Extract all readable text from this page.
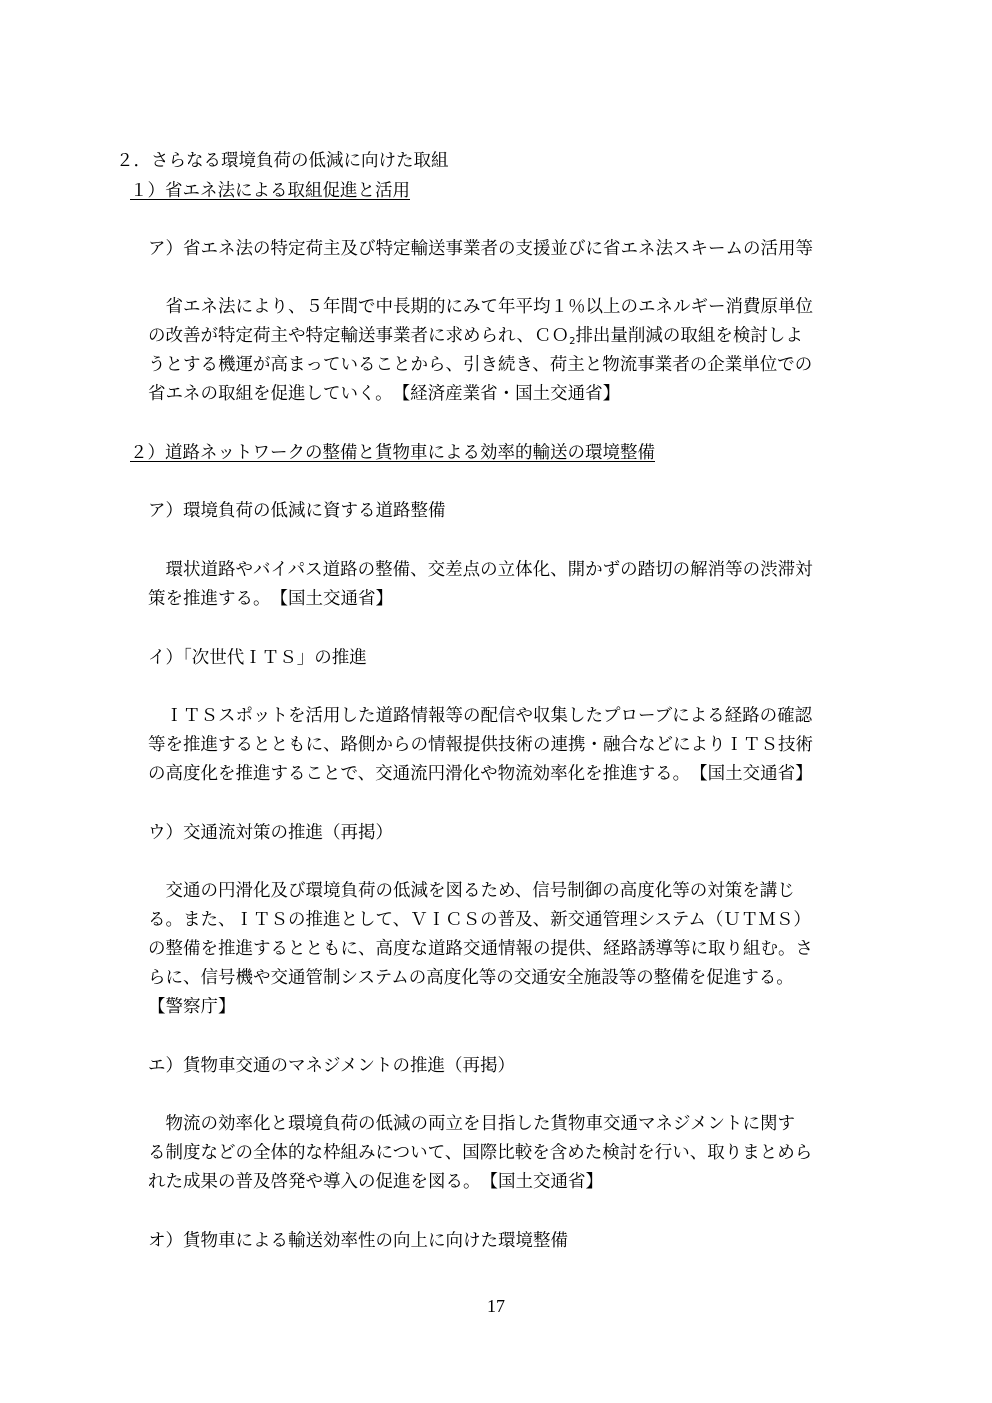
２．さらなる環境負荷の低減に向けた取組
１）省エネ法による取組促進と活用
ア）省エネ法の特定荷主及び特定輸送事業者の支援並びに省エネ法スキームの活用等
　省エネ法により、５年間で中長期的にみて年平均１％以上のエネルギー消費原単位
の改善が特定荷主や特定輸送事業者に求められ、ＣＯ$_2$排出量削減の取組を検討しよ
うとする機運が高まっていることから、引き続き、荷主と物流事業者の企業単位での
省エネの取組を促進していく。　【経済産業省・国土交通省】
２）道路ネットワークの整備と貨物車による効率的輸送の環境整備
ア）環境負荷の低減に資する道路整備
　環状道路やバイパス道路の整備、交差点の立体化、開かずの踏切の解消等の渋滞対
策を推進する。　【国土交通省】
イ）「次世代ＩＴＳ」の推進
　ＩＴＳスポットを活用した道路情報等の配信や収集したプローブによる経路の確認
等を推進するとともに、路側からの情報提供技術の連携・融合などによりＩＴＳ技術
の高度化を推進することで、交通流円滑化や物流効率化を推進する。　【国土交通省】
ウ）交通流対策の推進（再掲）
　交通の円滑化及び環境負荷の低減を図るため、信号制御の高度化等の対策を講じ
る。また、ＩＴＳの推進として、ＶＩＣＳの普及、新交通管理システム（ＵＴＭＳ）
の整備を推進するとともに、高度な道路交通情報の提供、経路誘導等に取り組む。さ
らに、信号機や交通管制システムの高度化等の交通安全施設等の整備を促進する。
【警察庁】
エ）貨物車交通のマネジメントの推進（再掲）
　物流の効率化と環境負荷の低減の両立を目指した貨物車交通マネジメントに関す
る制度などの全体的な枠組みについて、国際比較を含めた検討を行い、取りまとめら
れた成果の普及啓発や導入の促進を図る。　【国土交通省】
オ）貨物車による輸送効率性の向上に向けた環境整備
17
